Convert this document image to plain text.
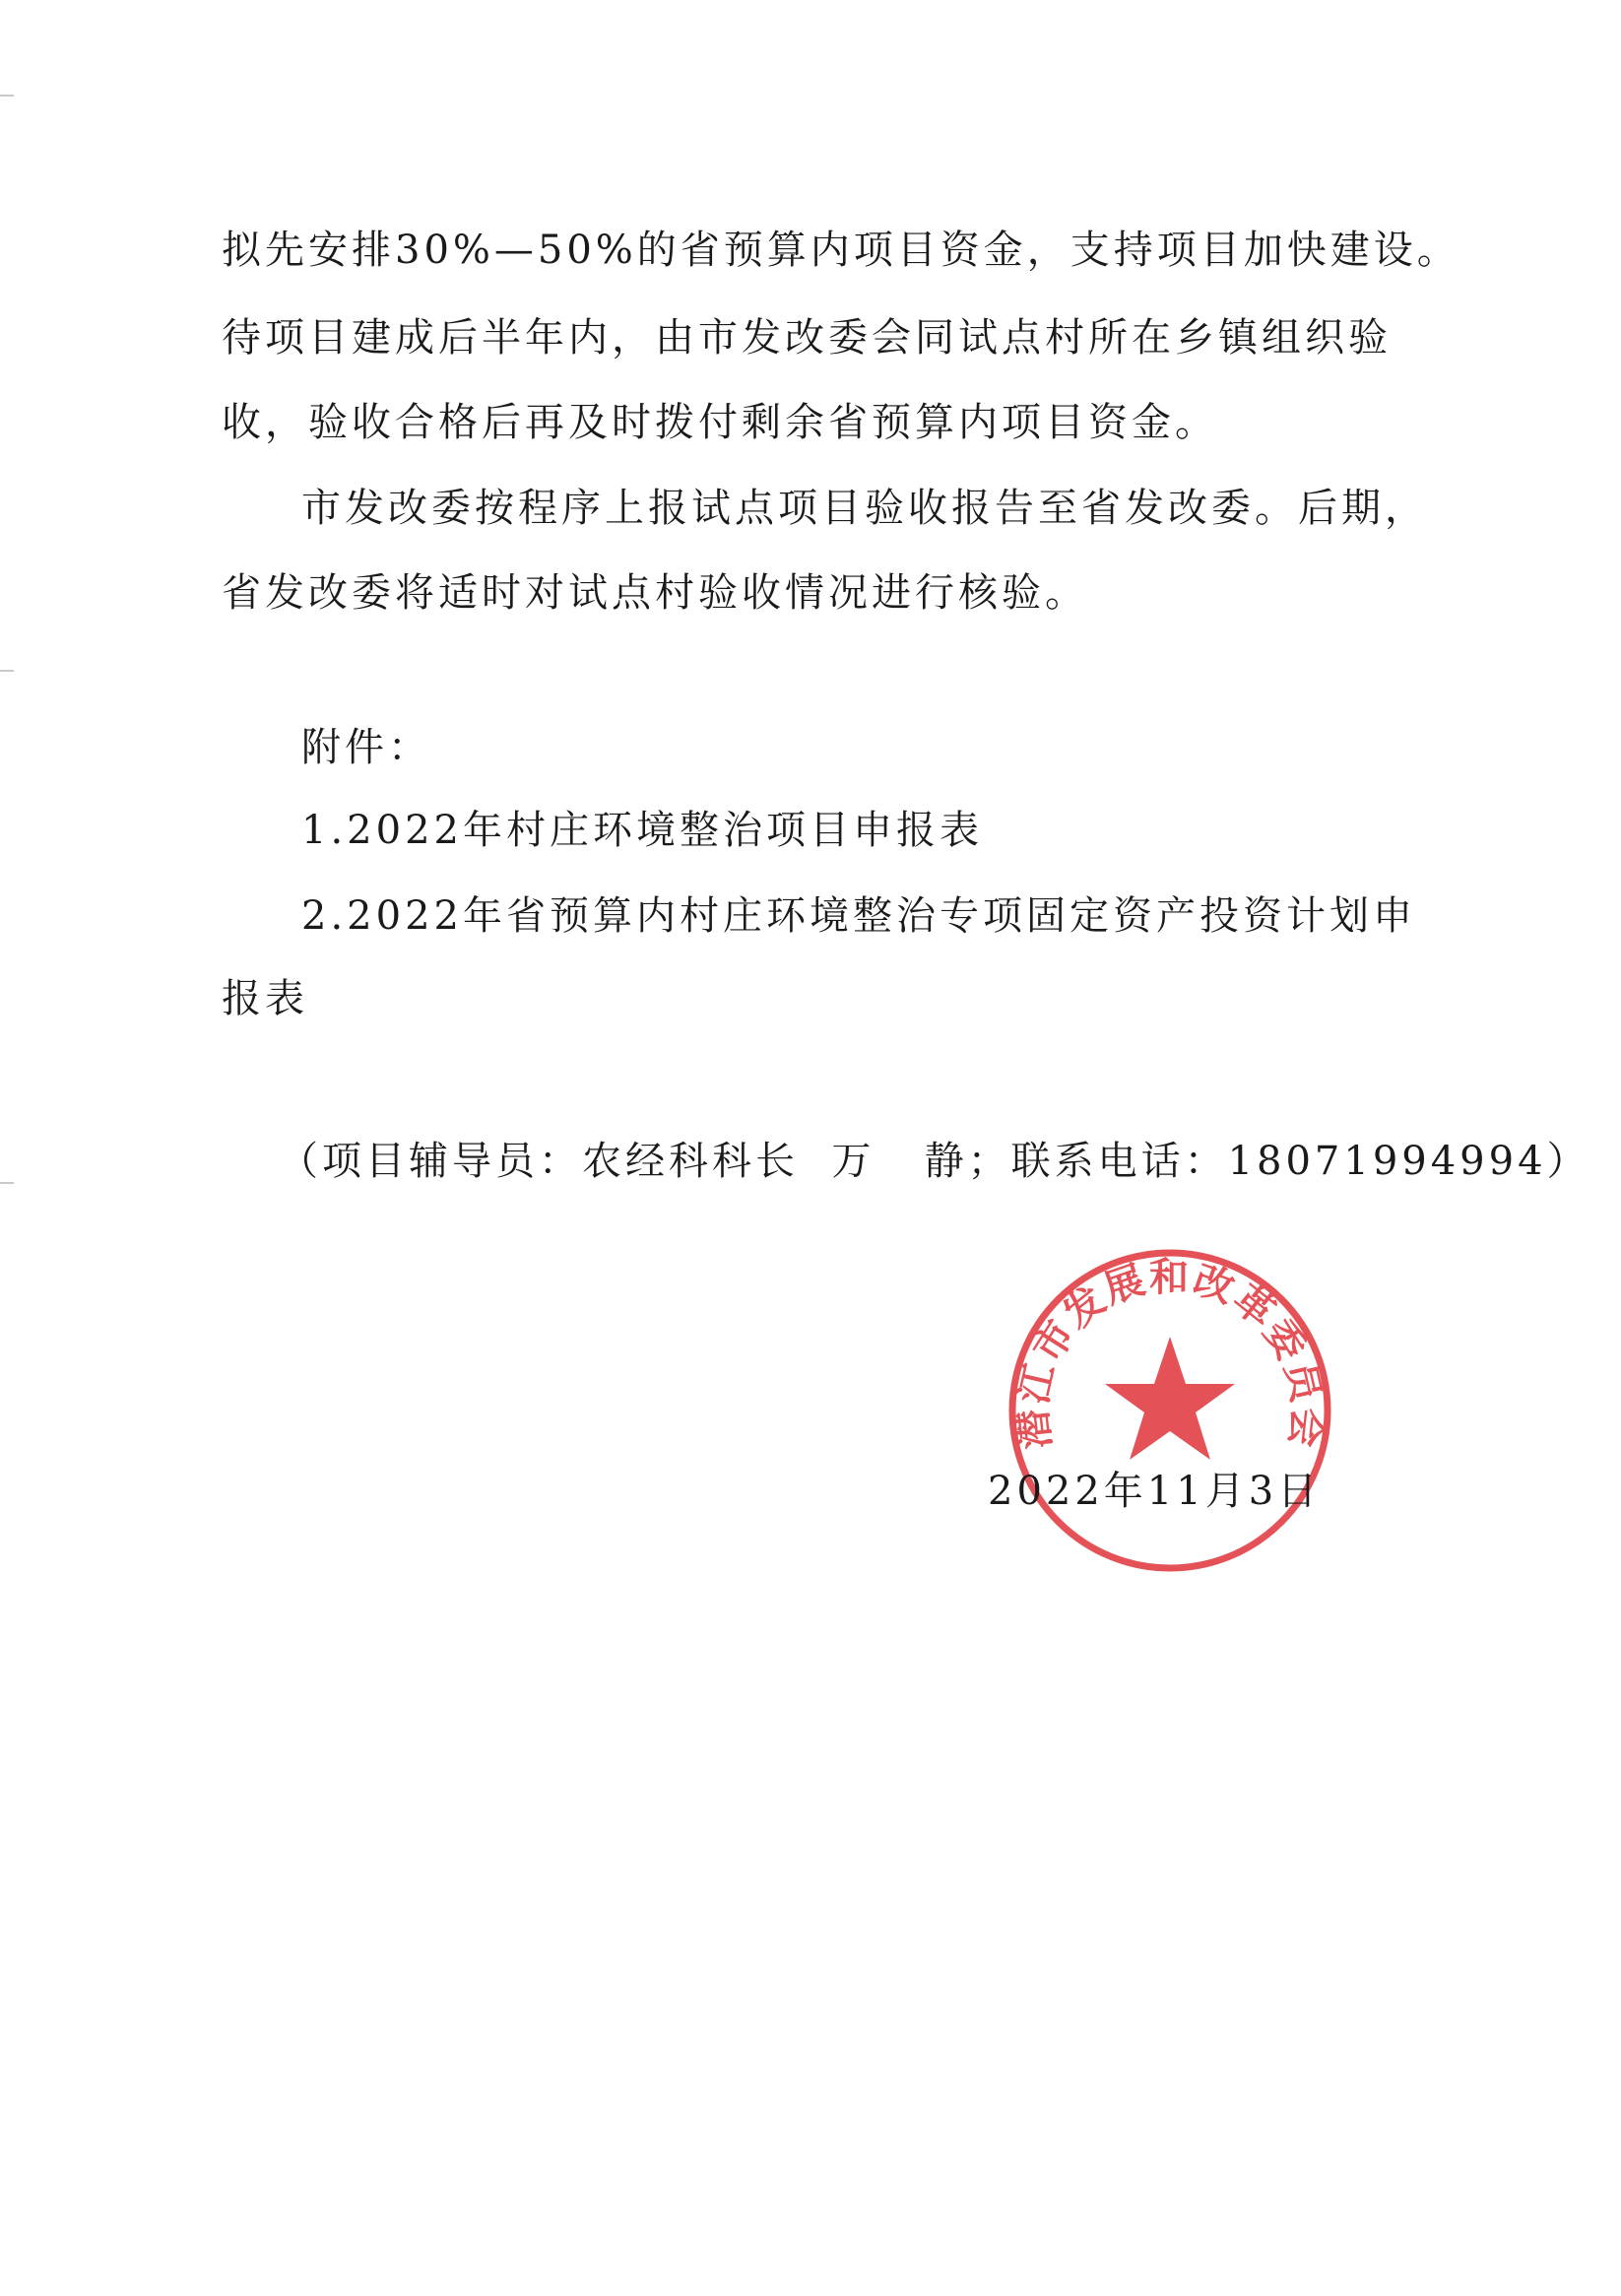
拟先安排30%—50%的省预算内项目资金，支持项目加快建设。
待项目建成后半年内，由市发改委会同试点村所在乡镇组织验
收，验收合格后再及时拨付剩余省预算内项目资金。
市发改委按程序上报试点项目验收报告至省发改委。后期，
省发改委将适时对试点村验收情况进行核验。
附件：
1.2022年村庄环境整治项目申报表
2.2022年省预算内村庄环境整治专项固定资产投资计划申
报表
（项目辅导员：农经科科长  万   静；联系电话：18071994994）
潜江市发展和改革委员会
2022年11月3日
